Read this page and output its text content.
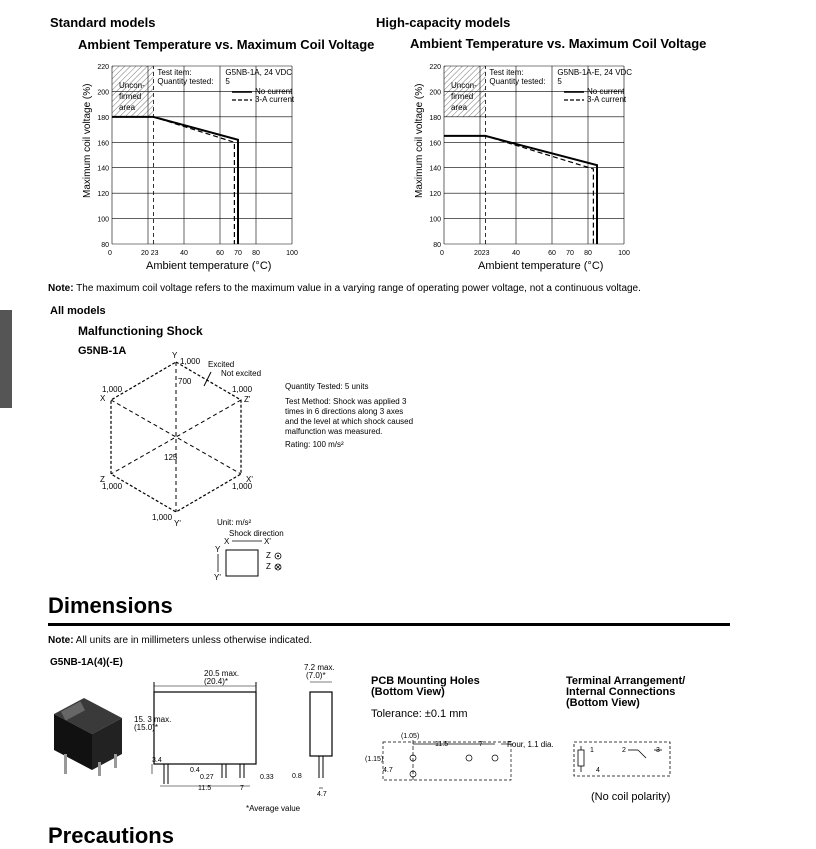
Standard models
Ambient Temperature vs. Maximum Coil Voltage
High-capacity models
Ambient Temperature vs. Maximum Coil Voltage
220
200
180
160
140
120
100
80
0	20 23	40	60 70 80	100
Test item:	G5NB-1A, 24 VDC
Quantity tested: 5
Uncon-
firmed
area
No current
3-A current
Maximum coil voltage (%)
Ambient temperature (°C)
220
200
180
160
140
120
100
80
0	2023	40	60 70 80	100
Test item:	G5NB-1A-E, 24 VDC
Quantity tested: 5
Uncon-
firmed
area
No current
3-A current
Maximum coil voltage (%)
Ambient temperature (°C)
Note: The maximum coil voltage refers to the maximum value in a varying range of operating power voltage, not a continuous voltage.
All models
Malfunctioning Shock
G5NB-1A	Y
1,000 Excited
Not excited
700
1,000
X
1,000
Z'
125
Z
1,000
X'
1,000
1,000
Y'
Quantity Tested: 5 units
Test Method: Shock was applied 3
times in 6 directions along 3 axes
and the level at which shock caused
malfunction was measured.
Rating: 100 m/s²
Unit: m/s²
Shock direction
X	X'
Y
Y'
Z
Z
Dimensions
Note: All units are in millimeters unless otherwise indicated.
G5NB-1A(4)(-E)
20.5 max.
(20.4)*
15. 3 max.
(15.0)*
3.4
0.4
0.27	0.33
11.5	7
7.2 max.
(7.0)*
0.8
4.7
*Average value
PCB Mounting Holes
(Bottom View)
Tolerance: ±0.1 mm
(1.05)
11.5	7	Four, 1.1 dia.
(1.15)
4.7
Terminal Arrangement/
Internal Connections
(Bottom View)
1	2	3
4
(No coil polarity)
Precautions
